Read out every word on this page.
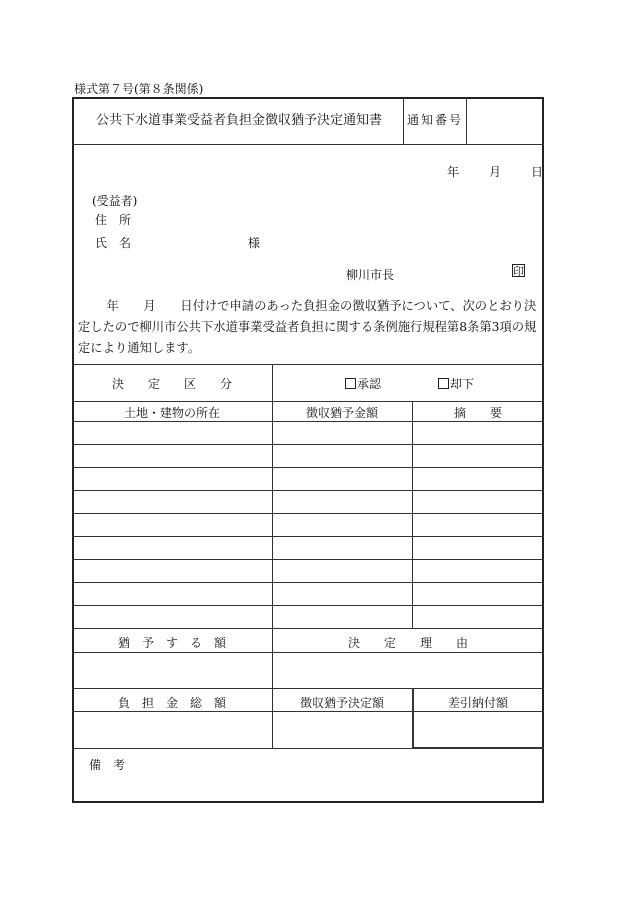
様式第７号(第８条関係)
公共下水道事業受益者負担金徴収猶予決定通知書	通知番号
年	月	日
(受益者)
住　所
氏　名	様
柳川市長	印
　　 年　　月　　日付けで申請のあった負担金の徴収猶予について、次のとおり決定したので柳川市公共下水道事業受益者負担に関する条例施行規程第8条第3項の規定により通知します。
決　　定　　区　　分	承認	却下
土地・建物の所在	徴収猶予金額	摘　　要
猶　予　す　る　額	決　　定　　理　　由
負　担　金　総　額	徴収猶予決定額	差引納付額
備　考
